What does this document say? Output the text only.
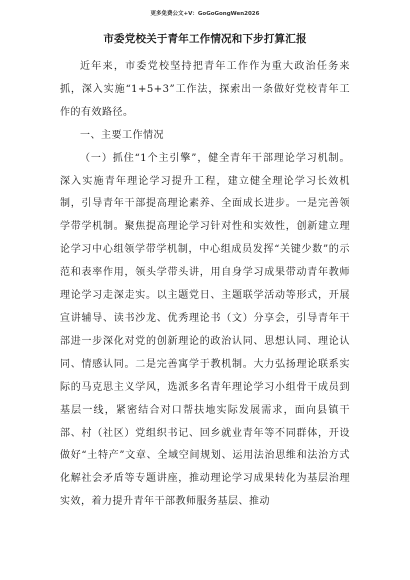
更多免费公文+V：GoGoGongWen2026
市委党校关于青年工作情况和下步打算汇报

近年来，市委党校坚持把青年工作作为重大政治任务来抓，深入实施“1+5+3”工作法，探索出一条做好党校青年工作的有效路径。

一、主要工作情况

（一）抓住“1个主引擎”，健全青年干部理论学习机制。深入实施青年理论学习提升工程，建立健全理论学习长效机制，引导青年干部提高理论素养、全面成长进步。一是完善领学带学机制。聚焦提高理论学习针对性和实效性，创新建立理论学习中心组领学带学机制，中心组成员发挥“关键少数”的示范和表率作用，领头学带头讲，用自身学习成果带动青年教师理论学习走深走实。以主题党日、主题联学活动等形式，开展宣讲辅导、读书沙龙、优秀理论书（文）分享会，引导青年干部进一步深化对党的创新理论的政治认同、思想认同、理论认同、情感认同。二是完善寓学于教机制。大力弘扬理论联系实际的马克思主义学风，选派多名青年理论学习小组骨干成员到基层一线，紧密结合对口帮扶地实际发展需求，面向县镇干部、村（社区）党组织书记、回乡就业青年等不同群体，开设做好“土特产”文章、全域空间规划、运用法治思维和法治方式化解社会矛盾等专题讲座，推动理论学习成果转化为基层治理实效，着力提升青年干部教师服务基层、推动
